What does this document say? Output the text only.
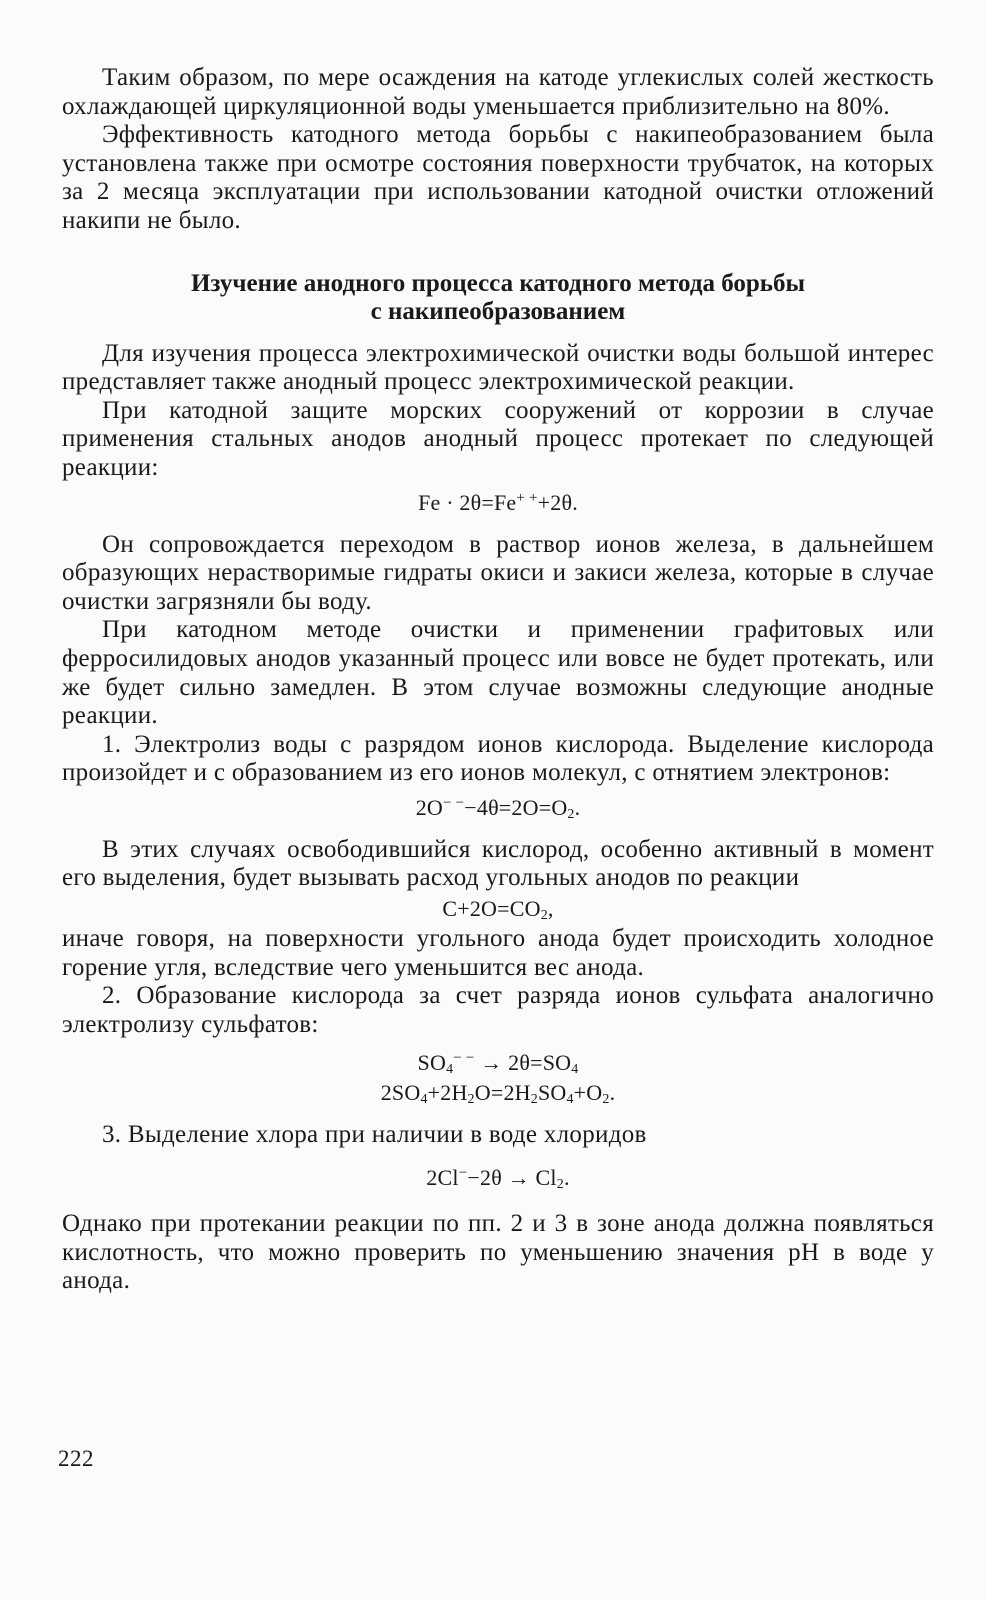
Таким образом, по мере осаждения на катоде углекислых солей жесткость охлаждающей циркуляционной воды уменьшается приблизительно на 80%.

Эффективность катодного метода борьбы с накипеобразованием была установлена также при осмотре состояния поверхности трубчаток, на которых за 2 месяца эксплуатации при использовании катодной очистки отложений накипи не было.

Изучение анодного процесса катодного метода борьбы
с накипеобразованием

Для изучения процесса электрохимической очистки воды большой интерес представляет также анодный процесс электрохимической реакции.

При катодной защите морских сооружений от коррозии в случае применения стальных анодов анодный процесс протекает по следующей реакции:

Fe · 2θ=Fe+ ++2θ.

Он сопровождается переходом в раствор ионов железа, в дальнейшем образующих нерастворимые гидраты окиси и закиси железа, которые в случае очистки загрязняли бы воду.

При катодном методе очистки и применении графитовых или ферросилидовых анодов указанный процесс или вовсе не будет протекать, или же будет сильно замедлен. В этом случае возможны следующие анодные реакции.

1. Электролиз воды с разрядом ионов кислорода. Выделение кислорода произойдет и с образованием из его ионов молекул, с отнятием электронов:

$2O^{- -}-4\theta=2O=O_2$.

В этих случаях освободившийся кислород, особенно активный в момент его выделения, будет вызывать расход угольных анодов по реакции

$C+2O=CO_2$,

иначе говоря, на поверхности угольного анода будет происходить холодное горение угля, вследствие чего уменьшится вес анода.

2. Образование кислорода за счет разряда ионов сульфата аналогично электролизу сульфатов:

$SO_4^{- -} \to 2\theta=SO_4$
$2SO_4+2H_2O=2H_2SO_4+O_2$.

3. Выделение хлора при наличии в воде хлоридов

$2Cl^--2\theta \to Cl_2$.

Однако при протекании реакции по пп. 2 и 3 в зоне анода должна появляться кислотность, что можно проверить по уменьшению значения pH в воде у анода.

222
